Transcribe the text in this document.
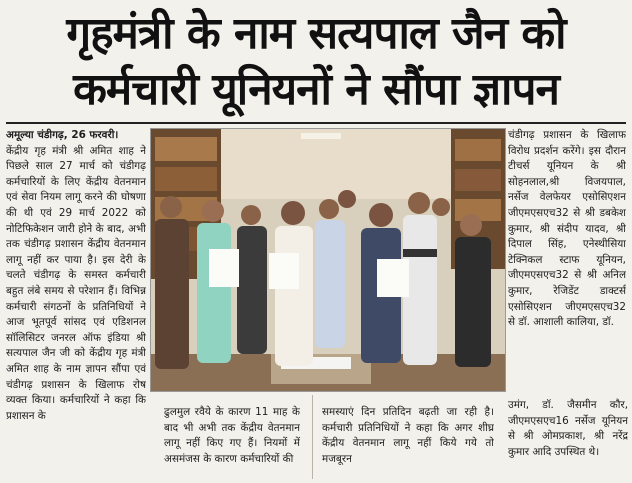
गृहमंत्री के नाम सत्यपाल जैन को
कर्मचारी यूनियनों ने सौंपा ज्ञापन

अमूल्या चंडीगढ़, 26 फरवरी।

केंद्रीय गृह मंत्री श्री अमित शाह ने पिछले साल 27 मार्च को चंडीगढ़ कर्मचारियों के लिए केंद्रीय वेतनमान एवं सेवा नियम लागू करने की घोषणा की थी एवं 29 मार्च 2022 को नोटिफिकेशन जारी होने के बाद, अभी तक चंडीगढ़ प्रशासन केंद्रीय वेतनमान लागू नहीं कर पाया है। इस देरी के चलते चंडीगढ़ के समस्त कर्मचारी बहुत लंबे समय से परेशान हैं। विभिन्न कर्मचारी संगठनों के प्रतिनिधियों ने आज भूतपूर्व सांसद एवं एडिशनल सॉलिसिटर जनरल ऑफ इंडिया श्री सत्यपाल जैन जी को केंद्रीय गृह मंत्री अमित शाह के नाम ज्ञापन सौंपा एवं चंडीगढ़ प्रशासन के खिलाफ रोष व्यक्त किया। कर्मचारियों ने कहा कि प्रशासन के	ढुलमुल रवैये के कारण 11 माह के बाद भी अभी तक केंद्रीय वेतनमान लागू नहीं किए गए हैं। नियमों में असमंजस के कारण कर्मचारियों की

समस्याएं दिन प्रतिदिन बढ़ती जा रही है। कर्मचारी प्रतिनिधियों ने कहा कि अगर शीघ्र केंद्रीय वेतनमान लागू नहीं किये गये तो मजबूरन

चंडीगढ़ प्रशासन के खिलाफ विरोध प्रदर्शन करेंगे। इस दौरान टीचर्स यूनियन के श्री सोहनलाल,श्री विजयपाल, नर्सेज वेलफेयर एसोसिएशन जीएमएसएच32 से श्री डबकेश कुमार, श्री संदीप यादव, श्री दिपाल सिंह, एनेस्थीसिया टेक्निकल स्टाफ यूनियन, जीएमएसएच32 से श्री अनिल कुमार, रेजिडेंट डाक्टर्स एसोसिएशन जीएमएसएच32 से डॉ. आशाली कालिया, डॉ.

उमंग, डॉ. जैसमीन कौर, जीएमएसएच16 नर्सेज यूनियन से श्री ओमप्रकाश, श्री नरेंद्र कुमार आदि उपस्थित थे।
